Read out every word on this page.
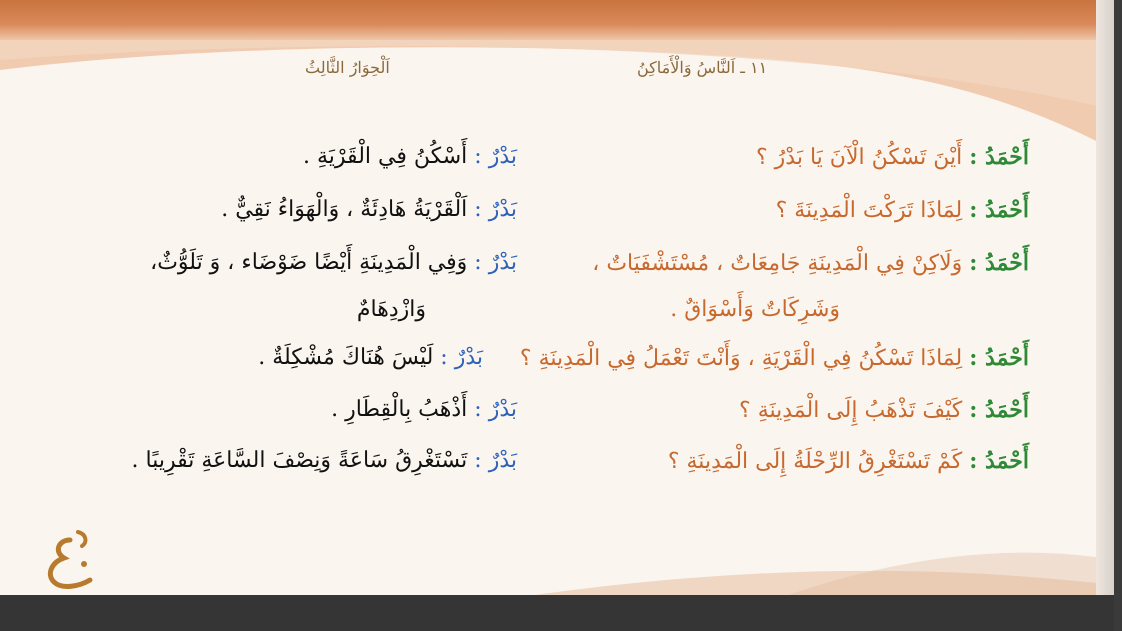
اَلْحِوَارُ الثَّالِثُ	١١ ـ اَلنَّاسُ وَالْأَمَاكِنُ
أَحْمَدُ : أَيْنَ تَسْكُنُ الْآنَ يَا بَدْرُ ؟
بَدْرٌ : أَسْكُنُ فِي الْقَرْيَةِ .
أَحْمَدُ : لِمَاذَا تَرَكْتَ الْمَدِينَةَ ؟
بَدْرٌ : اَلْقَرْيَةُ هَادِئَةٌ ، وَالْهَوَاءُ نَقِيٌّ .
أَحْمَدُ : وَلَاكِنْ فِي الْمَدِينَةِ جَامِعَاتٌ ، مُسْتَشْفَيَاتٌ ،
وَشَرِكَاتٌ وَأَسْوَاقٌ .
بَدْرٌ : وَفِي الْمَدِينَةِ أَيْضًا ضَوْضَاء ، وَ تَلَوُّثٌ،
وَازْدِهَامٌ
أَحْمَدُ : لِمَاذَا تَسْكُنُ فِي الْقَرْيَةِ ، وَأَنْتَ تَعْمَلُ فِي الْمَدِينَةِ ؟
بَدْرٌ : لَيْسَ هُنَاكَ مُشْكِلَةٌ .
أَحْمَدُ : كَيْفَ تَذْهَبُ إِلَى الْمَدِينَةِ ؟
بَدْرٌ : أَذْهَبُ بِالْقِطَارِ .
أَحْمَدُ : كَمْ تَسْتَغْرِقُ الرِّحْلَةُ إِلَى الْمَدِينَةِ ؟
بَدْرٌ : تَسْتَغْرِقُ سَاعَةً وَنِصْفَ السَّاعَةِ تَقْرِيبًا .
